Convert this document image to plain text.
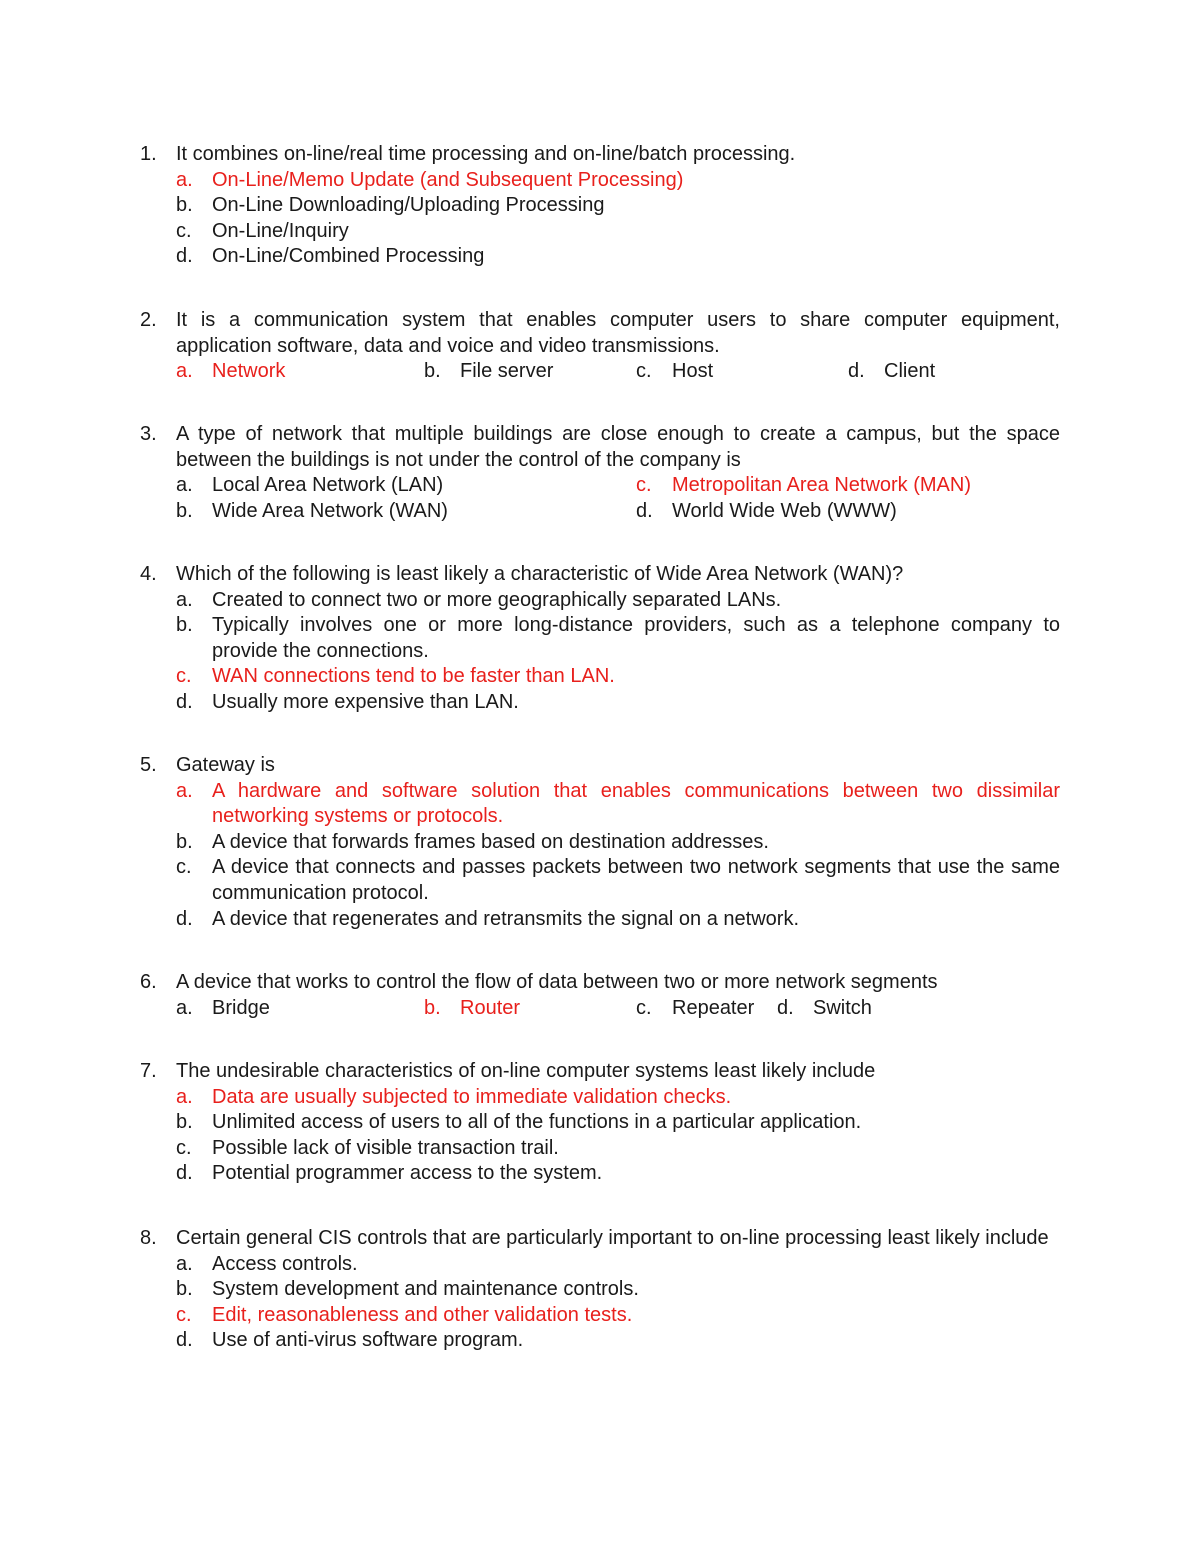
1. It combines on-line/real time processing and on-line/batch processing.
a. On-Line/Memo Update (and Subsequent Processing)
b. On-Line Downloading/Uploading Processing
c.	On-Line/Inquiry
d. On-Line/Combined Processing
2. It is a communication system that enables computer users to share computer equipment, application software, data and voice and video transmissions.
a. Network	b. File server	c.	Host	d. Client
3. A type of network that multiple buildings are close enough to create a campus, but the space between the buildings is not under the control of the company is
a. Local Area Network (LAN)	c.	Metropolitan Area Network (MAN)
b. Wide Area Network (WAN)	d. World Wide Web (WWW)
4. Which of the following is least likely a characteristic of Wide Area Network (WAN)?
a. Created to connect two or more geographically separated LANs.
b. Typically involves one or more long-distance providers, such as a telephone company to provide the connections.
c.	WAN connections tend to be faster than LAN.
d. Usually more expensive than LAN.
5. Gateway is
a. A hardware and software solution that enables communications between two dissimilar networking systems or protocols.
b. A device that forwards frames based on destination addresses.
c.	A device that connects and passes packets between two network segments that use the same communication protocol.
d. A device that regenerates and retransmits the signal on a network.
6. A device that works to control the flow of data between two or more network segments
a. Bridge	b. Router	c.	Repeater d. Switch
7. The undesirable characteristics of on-line computer systems least likely include
a. Data are usually subjected to immediate validation checks.
b. Unlimited access of users to all of the functions in a particular application.
c.	Possible lack of visible transaction trail.
d. Potential programmer access to the system.
8. Certain general CIS controls that are particularly important to on-line processing least likely include
a. Access controls.
b. System development and maintenance controls.
c.	Edit, reasonableness and other validation tests.
d. Use of anti-virus software program.
